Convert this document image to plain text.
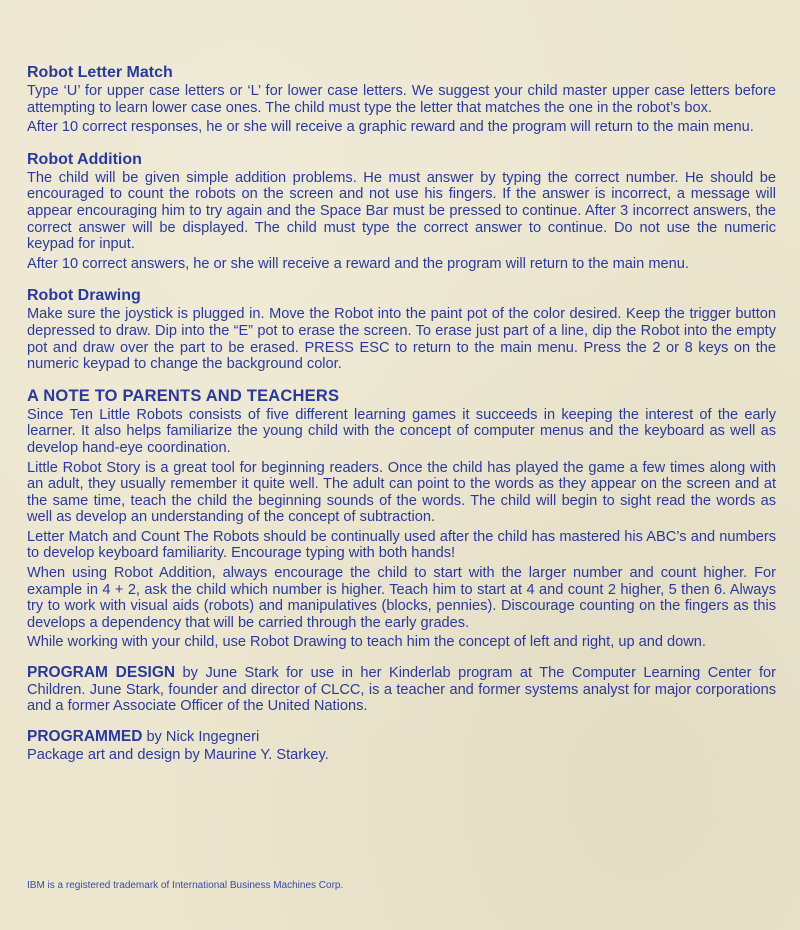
Robot Letter Match

Type ‘U’ for upper case letters or ‘L’ for lower case letters. We suggest your child master upper case letters before attempting to learn lower case ones. The child must type the letter that matches the one in the robot’s box.

After 10 correct responses, he or she will receive a graphic reward and the program will return to the main menu.

Robot Addition

The child will be given simple addition problems. He must answer by typing the correct number. He should be encouraged to count the robots on the screen and not use his fingers. If the answer is incorrect, a message will appear encouraging him to try again and the Space Bar must be pressed to continue. After 3 incorrect answers, the correct answer will be displayed. The child must type the correct answer to continue. Do not use the numeric keypad for input.

After 10 correct answers, he or she will receive a reward and the program will return to the main menu.

Robot Drawing

Make sure the joystick is plugged in. Move the Robot into the paint pot of the color desired. Keep the trigger button depressed to draw. Dip into the “E” pot to erase the screen. To erase just part of a line, dip the Robot into the empty pot and draw over the part to be erased. PRESS ESC to return to the main menu. Press the 2 or 8 keys on the numeric keypad to change the background color.

A NOTE TO PARENTS AND TEACHERS

Since Ten Little Robots consists of five different learning games it succeeds in keeping the interest of the early learner. It also helps familiarize the young child with the concept of computer menus and the keyboard as well as develop hand-eye coordination.

Little Robot Story is a great tool for beginning readers. Once the child has played the game a few times along with an adult, they usually remember it quite well. The adult can point to the words as they appear on the screen and at the same time, teach the child the beginning sounds of the words. The child will begin to sight read the words as well as develop an understanding of the concept of subtraction.

Letter Match and Count The Robots should be continually used after the child has mastered his ABC’s and numbers to develop keyboard familiarity. Encourage typing with both hands!

When using Robot Addition, always encourage the child to start with the larger number and count higher. For example in 4 + 2, ask the child which number is higher. Teach him to start at 4 and count 2 higher, 5 then 6. Always try to work with visual aids (robots) and manipulatives (blocks, pennies). Discourage counting on the fingers as this develops a dependency that will be carried through the early grades.

While working with your child, use Robot Drawing to teach him the concept of left and right, up and down.

PROGRAM DESIGN by June Stark for use in her Kinderlab program at The Computer Learning Center for Children. June Stark, founder and director of CLCC, is a teacher and former systems analyst for major corporations and a former Associate Officer of the United Nations.

PROGRAMMED by Nick Ingegneri

Package art and design by Maurine Y. Starkey.

IBM is a registered trademark of International Business Machines Corp.
